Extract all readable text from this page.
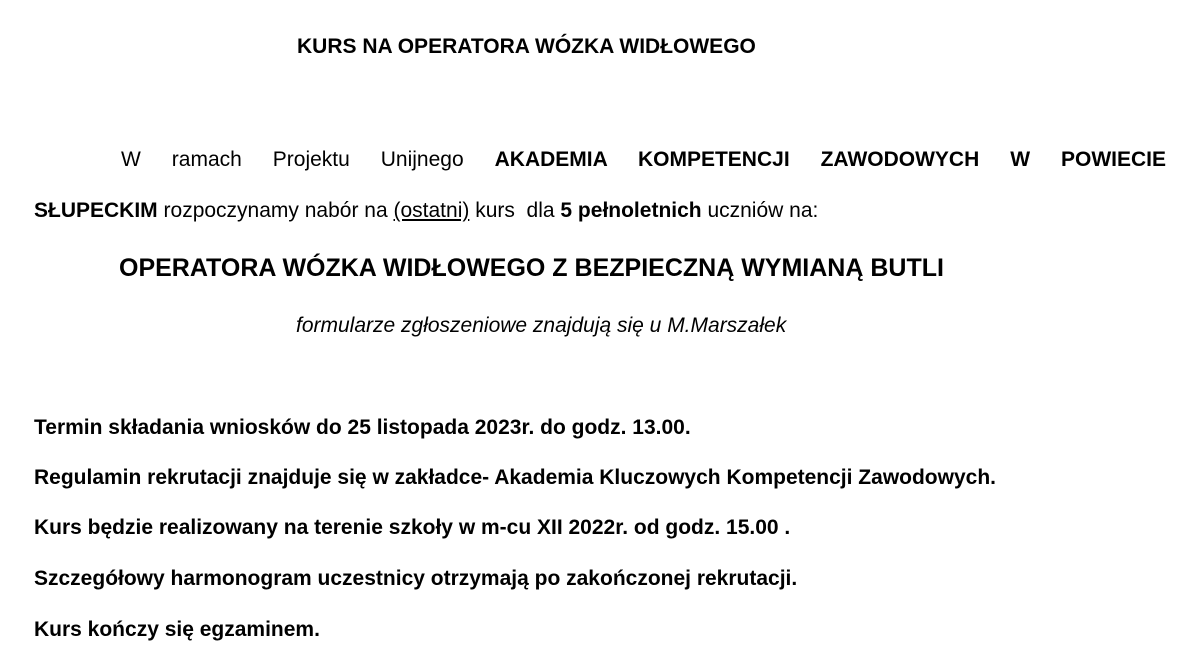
KURS NA OPERATORA WÓZKA WIDŁOWEGO
W ramach Projektu Unijnego AKADEMIA KOMPETENCJI ZAWODOWYCH W POWIECIE
SŁUPECKIM rozpoczynamy nabór na (ostatni) kurs  dla 5 pełnoletnich uczniów na:
OPERATORA WÓZKA WIDŁOWEGO Z BEZPIECZNĄ WYMIANĄ BUTLI
formularze zgłoszeniowe znajdują się u M.Marszałek
Termin składania wniosków do 25 listopada 2023r. do godz. 13.00.
Regulamin rekrutacji znajduje się w zakładce- Akademia Kluczowych Kompetencji Zawodowych.
Kurs będzie realizowany na terenie szkoły w m-cu XII 2022r. od godz. 15.00 .
Szczegółowy harmonogram uczestnicy otrzymają po zakończonej rekrutacji.
Kurs kończy się egzaminem.
